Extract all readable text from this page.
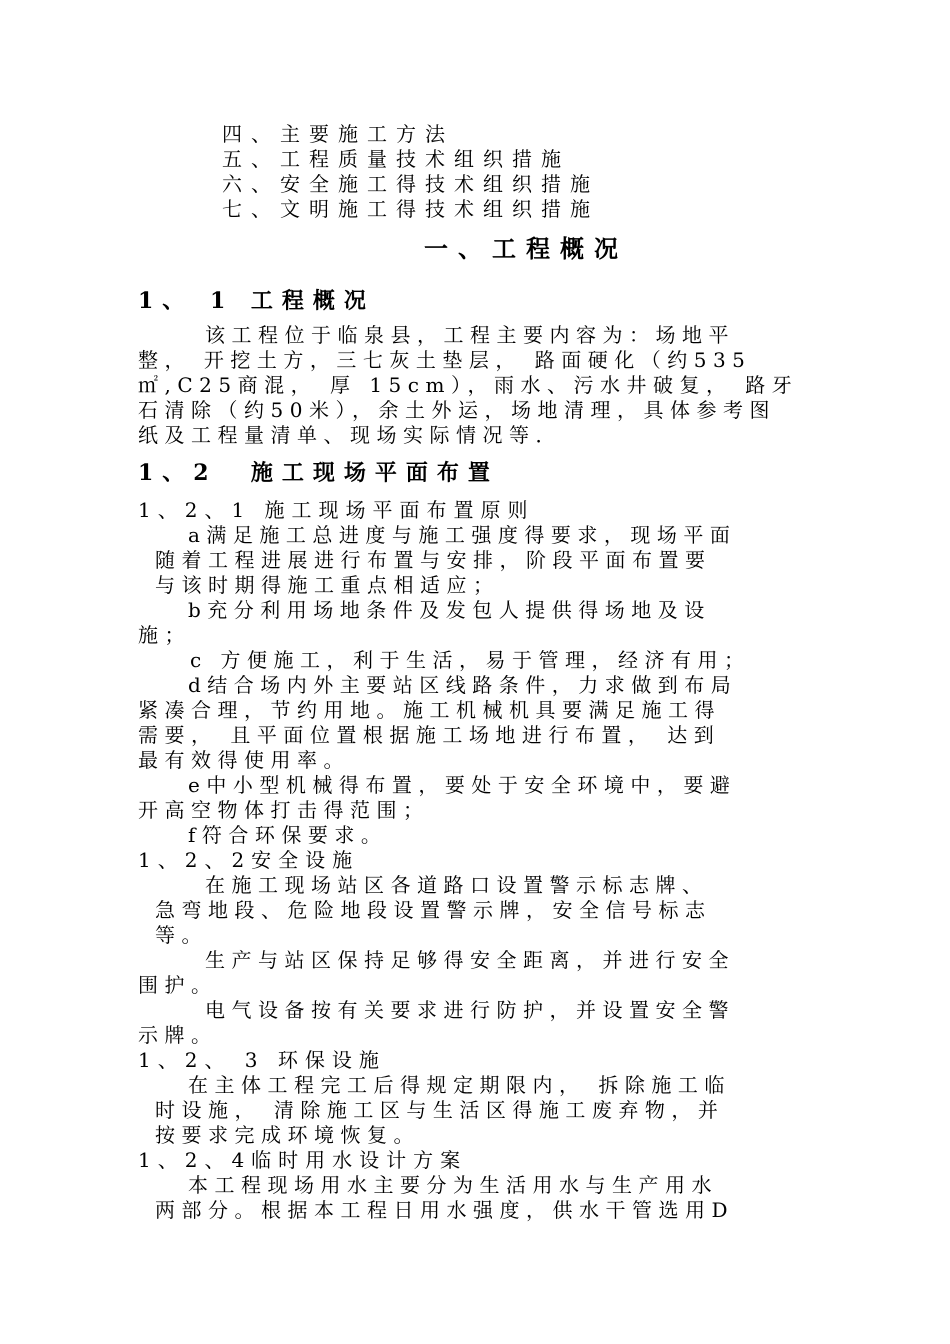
四、主要施工方法
五、工程质量技术组织措施
六、安全施工得技术组织措施
七、文明施工得技术组织措施
一、工程概况
1、 1 工程概况
该工程位于临泉县，工程主要内容为：场地平
整， 开挖土方，三七灰土垫层， 路面硬化（约535
㎡,C25商混， 厚 15cm），雨水、污水井破复， 路牙
石清除（约50米），余土外运，场地清理，具体参考图
纸及工程量清单、现场实际情况等．
1、2  施工现场平面布置
1、2、1 施工现场平面布置原则
a满足施工总进度与施工强度得要求，现场平面
随着工程进展进行布置与安排，阶段平面布置要
与该时期得施工重点相适应；
b充分利用场地条件及发包人提供得场地及设
施；
c 方便施工，利于生活，易于管理，经济有用；
d结合场内外主要站区线路条件，力求做到布局
紧凑合理，节约用地。施工机械机具要满足施工得
需要， 且平面位置根据施工场地进行布置， 达到
最有效得使用率。
e中小型机械得布置，要处于安全环境中，要避
开高空物体打击得范围；
f符合环保要求。
1、2、2安全设施
在施工现场站区各道路口设置警示标志牌、
急弯地段、危险地段设置警示牌，安全信号标志
等。
生产与站区保持足够得安全距离，并进行安全
围护。
电气设备按有关要求进行防护，并设置安全警
示牌。
1、2、 3 环保设施
在主体工程完工后得规定期限内， 拆除施工临
时设施， 清除施工区与生活区得施工废弃物，并
按要求完成环境恢复。
1、2、4临时用水设计方案
本工程现场用水主要分为生活用水与生产用水
两部分。根据本工程日用水强度，供水干管选用D
